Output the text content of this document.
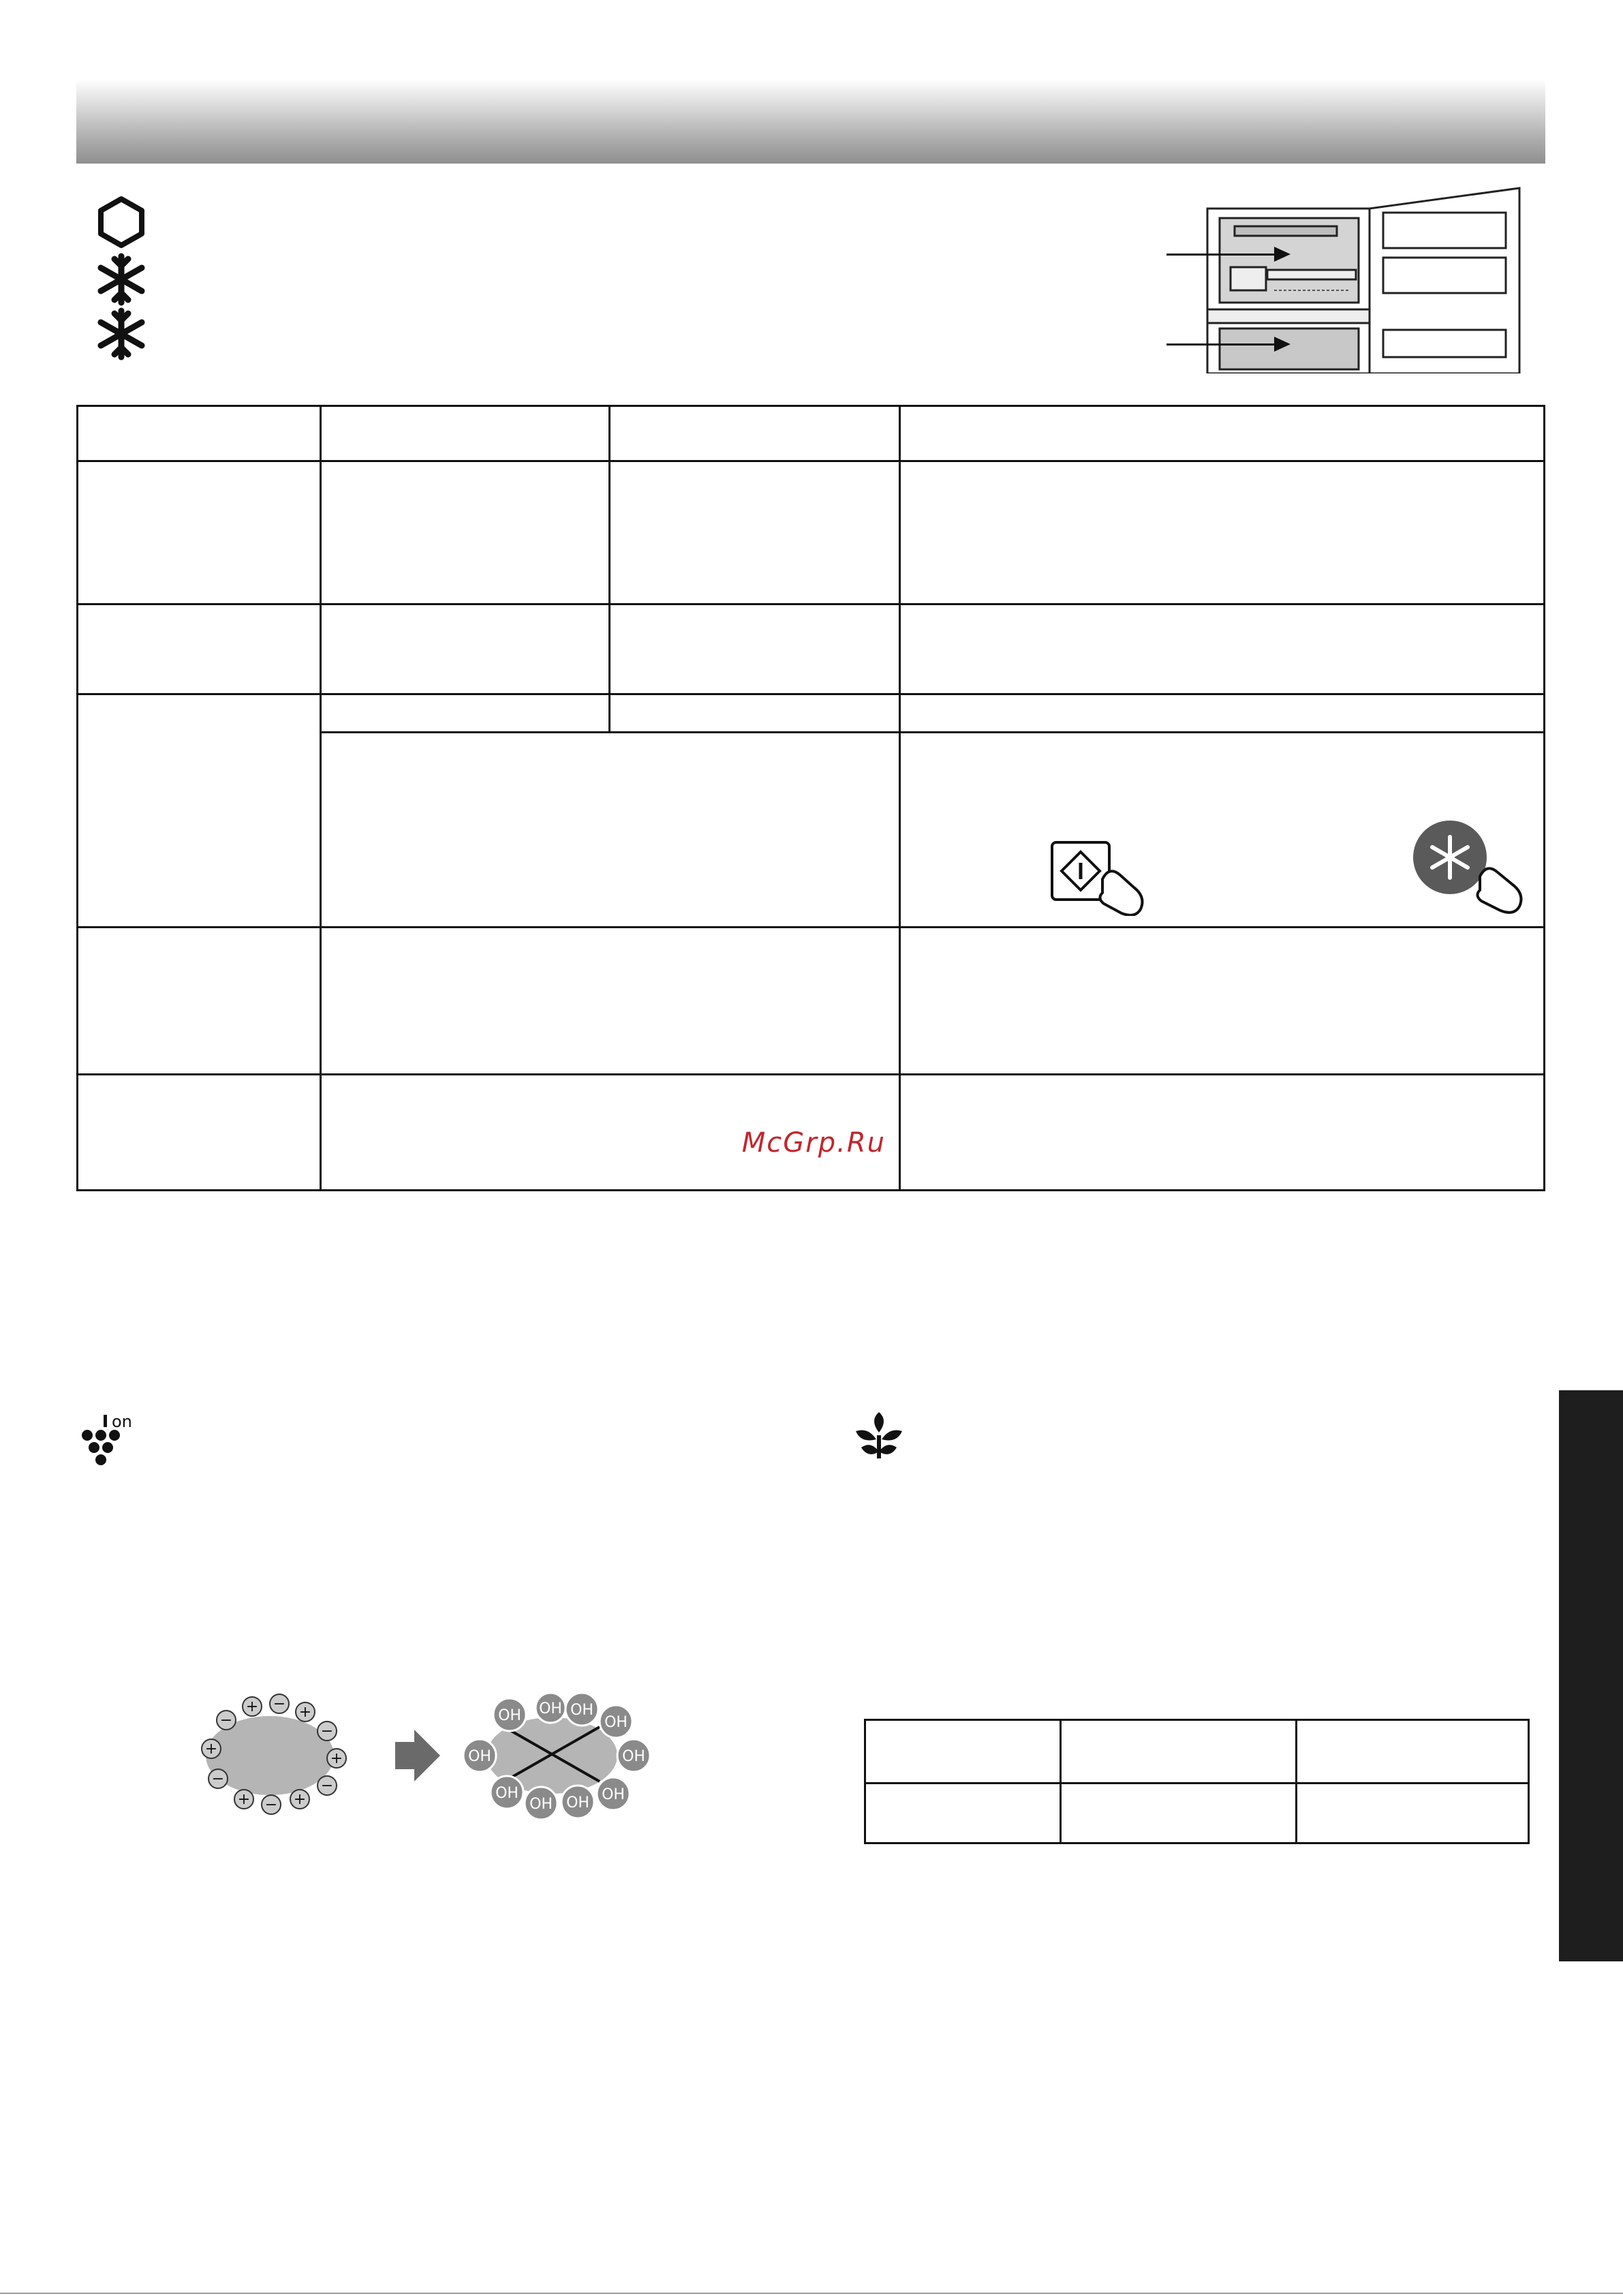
McGrp.Ru
on
−
+ − +
−
+
−
+
−
+
−
+
OH OH OH
OH
OH
OH
OH
OH
OH
OH
